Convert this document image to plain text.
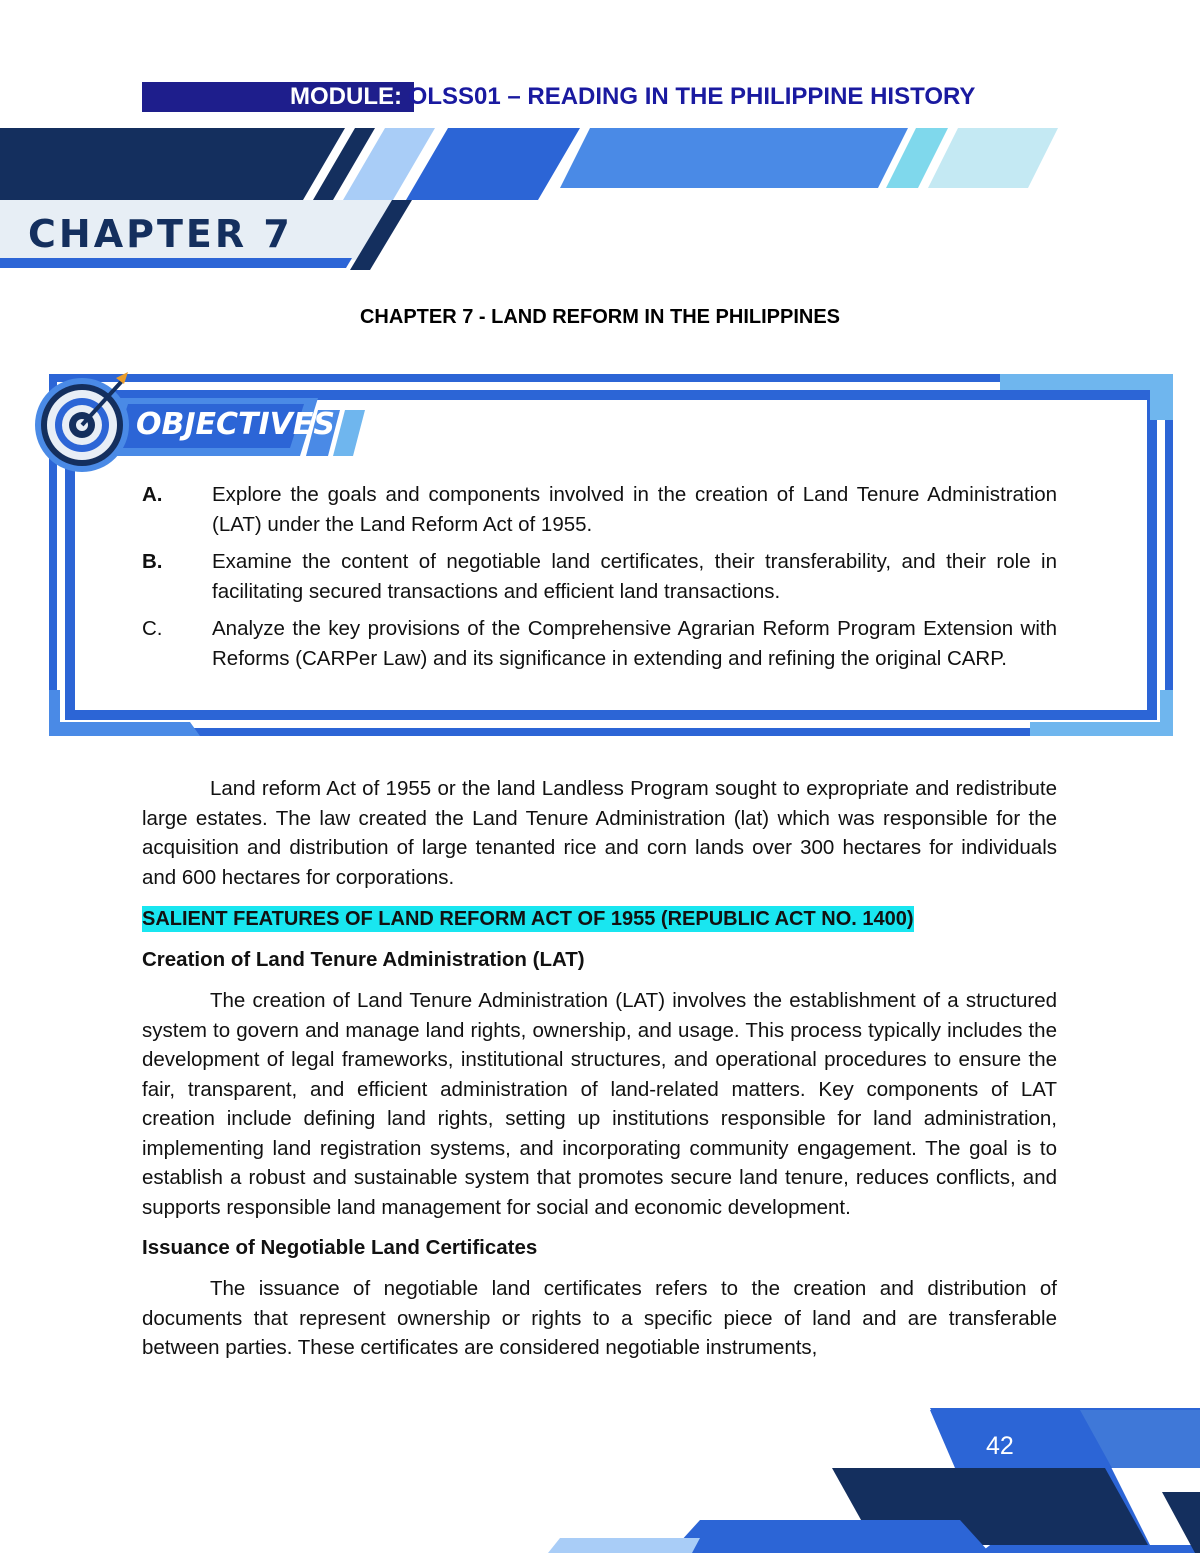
MODULE: OLSS01 – READING IN THE PHILIPPINE HISTORY
CHAPTER 7
CHAPTER 7 - LAND REFORM IN THE PHILIPPINES
OBJECTIVES
A.	Explore the goals and components involved in the creation of Land Tenure Administration (LAT) under the Land Reform Act of 1955.
B.	Examine the content of negotiable land certificates, their transferability, and their role in facilitating secured transactions and efficient land transactions.
C.	Analyze the key provisions of the Comprehensive Agrarian Reform Program Extension with Reforms (CARPer Law) and its significance in extending and refining the original CARP.

Land reform Act of 1955 or the land Landless Program sought to expropriate and redistribute large estates. The law created the Land Tenure Administration (lat) which was responsible for the acquisition and distribution of large tenanted rice and corn lands over 300 hectares for individuals and 600 hectares for corporations.

SALIENT FEATURES OF LAND REFORM ACT OF 1955 (REPUBLIC ACT NO. 1400)
Creation of Land Tenure Administration (LAT)

The creation of Land Tenure Administration (LAT) involves the establishment of a structured system to govern and manage land rights, ownership, and usage. This process typically includes the development of legal frameworks, institutional structures, and operational procedures to ensure the fair, transparent, and efficient administration of land-related matters. Key components of LAT creation include defining land rights, setting up institutions responsible for land administration, implementing land registration systems, and incorporating community engagement. The goal is to establish a robust and sustainable system that promotes secure land tenure, reduces conflicts, and supports responsible land management for social and economic development.

Issuance of Negotiable Land Certificates

The issuance of negotiable land certificates refers to the creation and distribution of documents that represent ownership or rights to a specific piece of land and are transferable between parties. These certificates are considered negotiable instruments,

42
